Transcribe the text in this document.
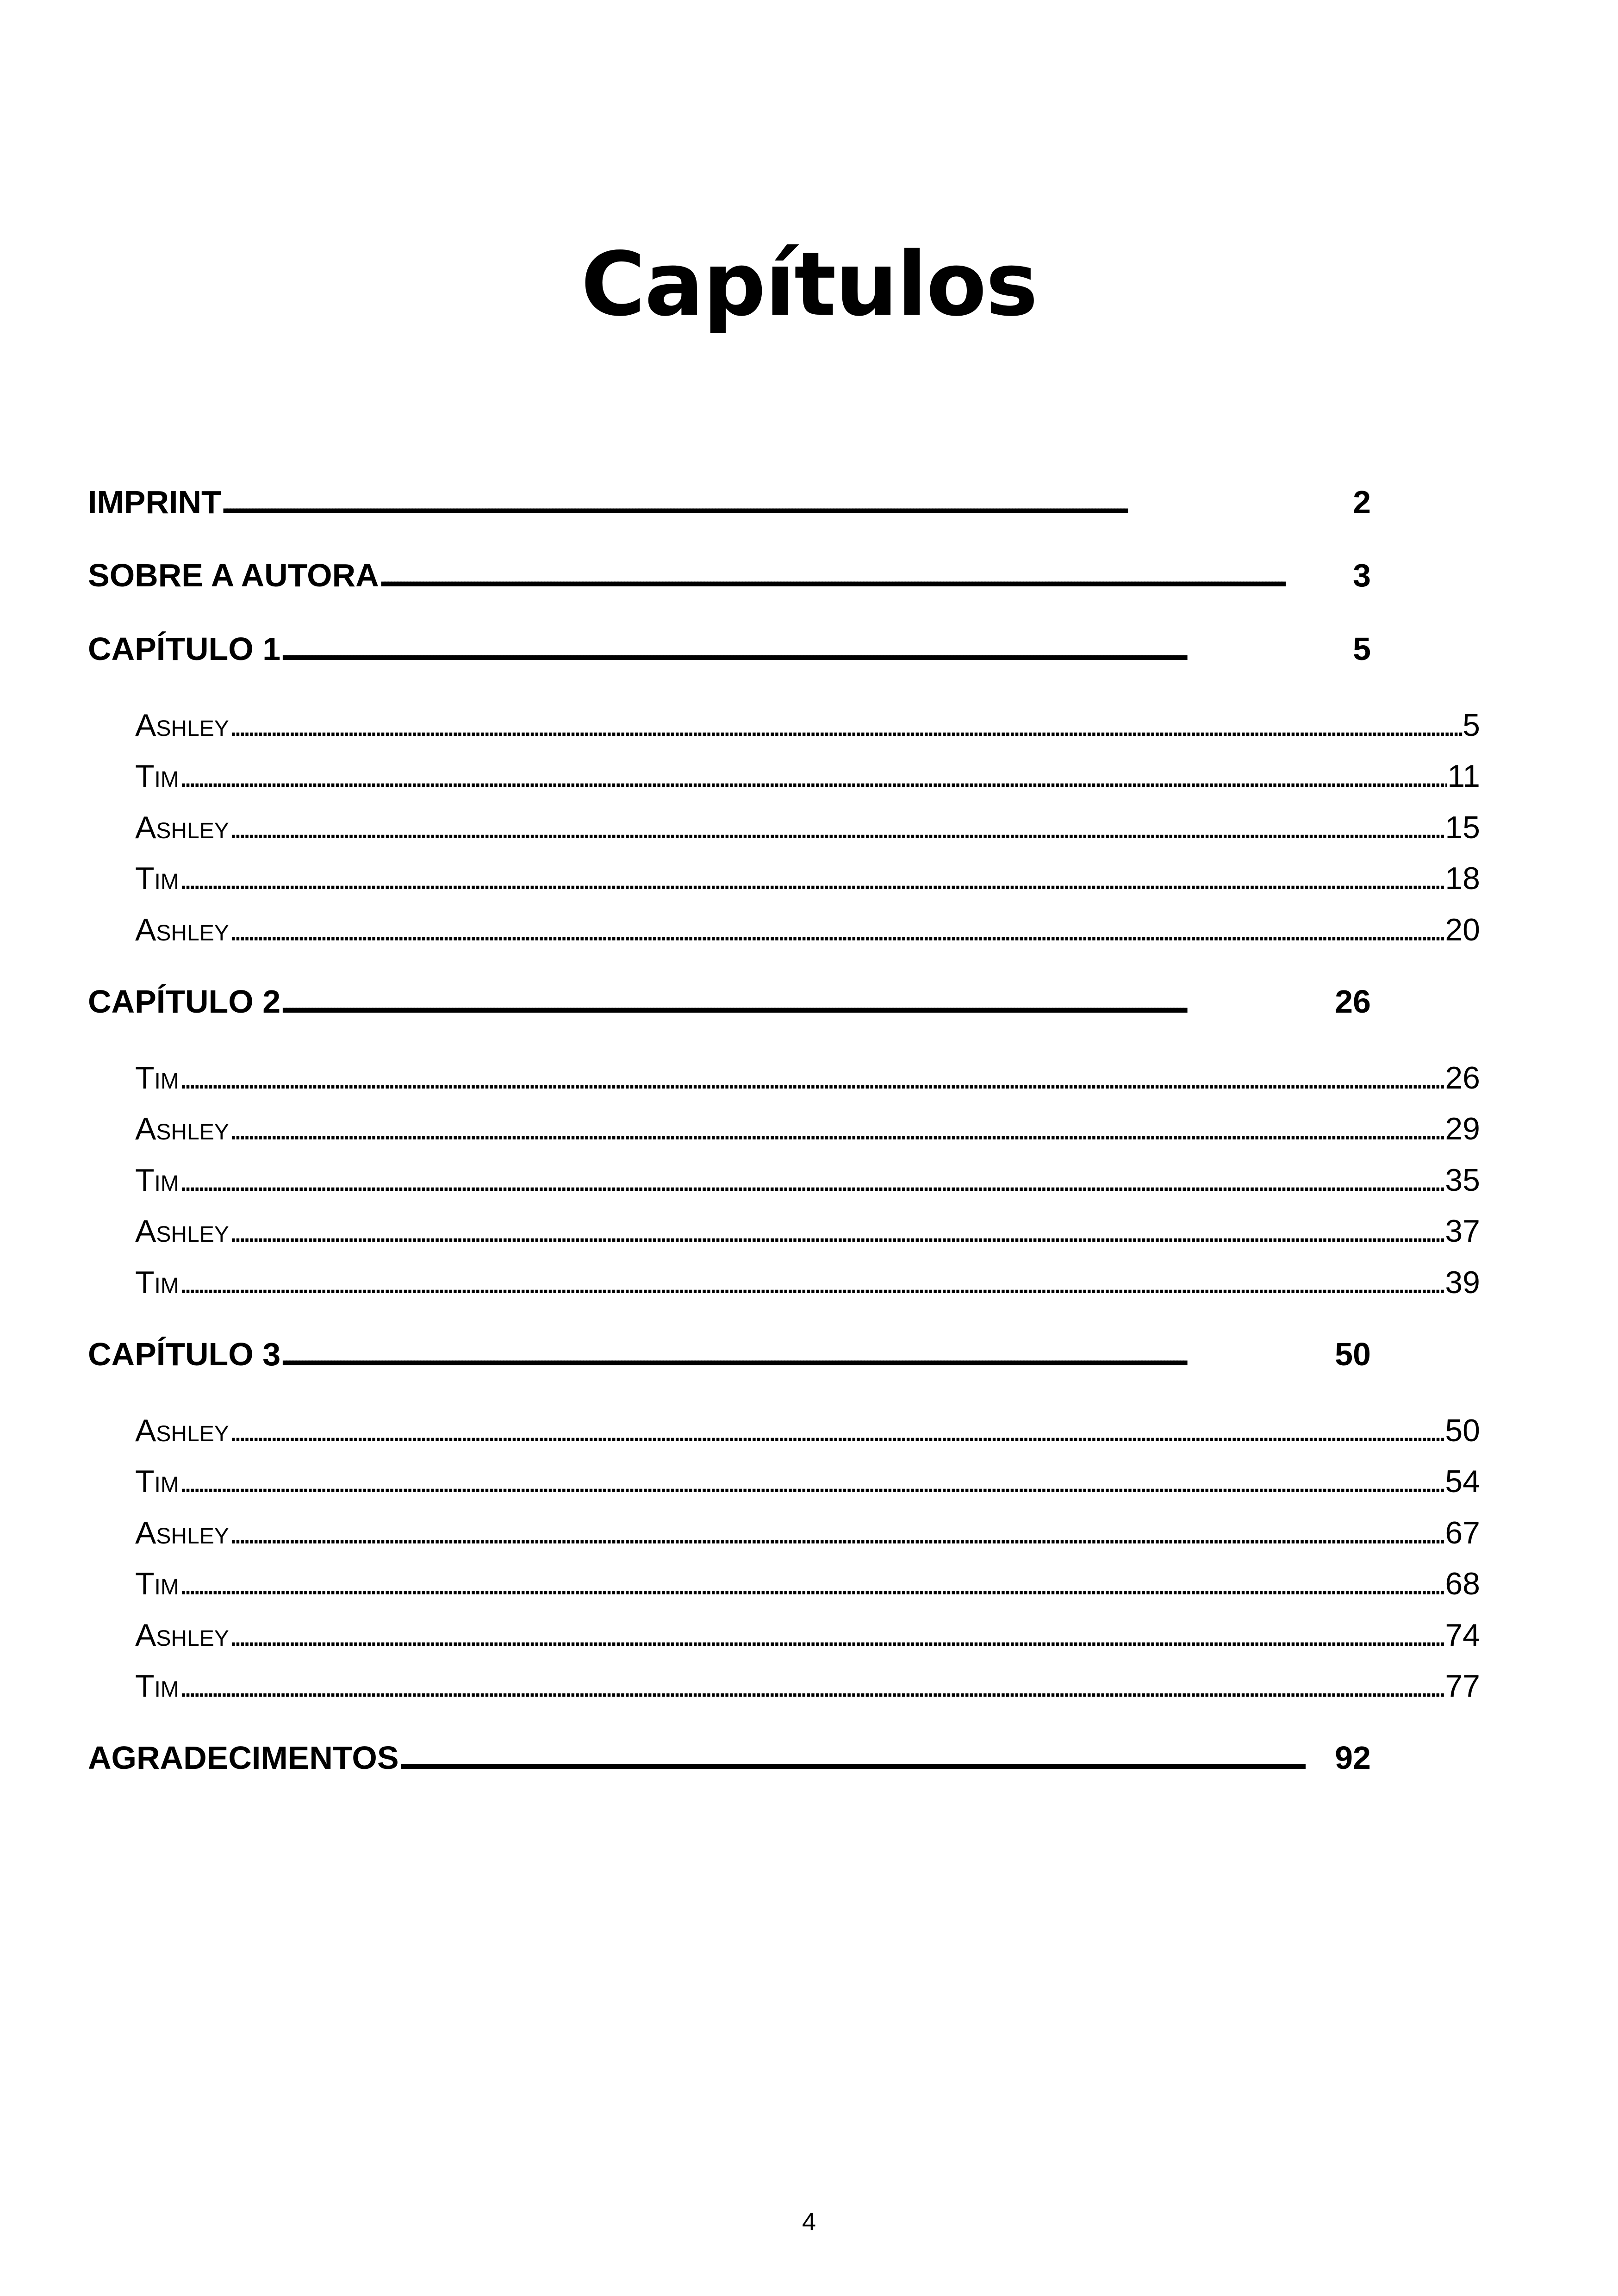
Capítulos
IMPRINT . . .	2
SOBRE A AUTORA . . .	3
CAPÍTULO 1 . . .	5
Ashley . . .	5
Tim . . .	11
Ashley . . .	15
Tim . . .	18
Ashley . . .	20
CAPÍTULO 2 . . .	26
Tim . . .	26
Ashley . . .	29
Tim . . .	35
Ashley . . .	37
Tim . . .	39
CAPÍTULO 3 . . .	50
Ashley . . .	50
Tim . . .	54
Ashley . . .	67
Tim . . .	68
Ashley . . .	74
Tim . . .	77
AGRADECIMENTOS . . .	92
4
